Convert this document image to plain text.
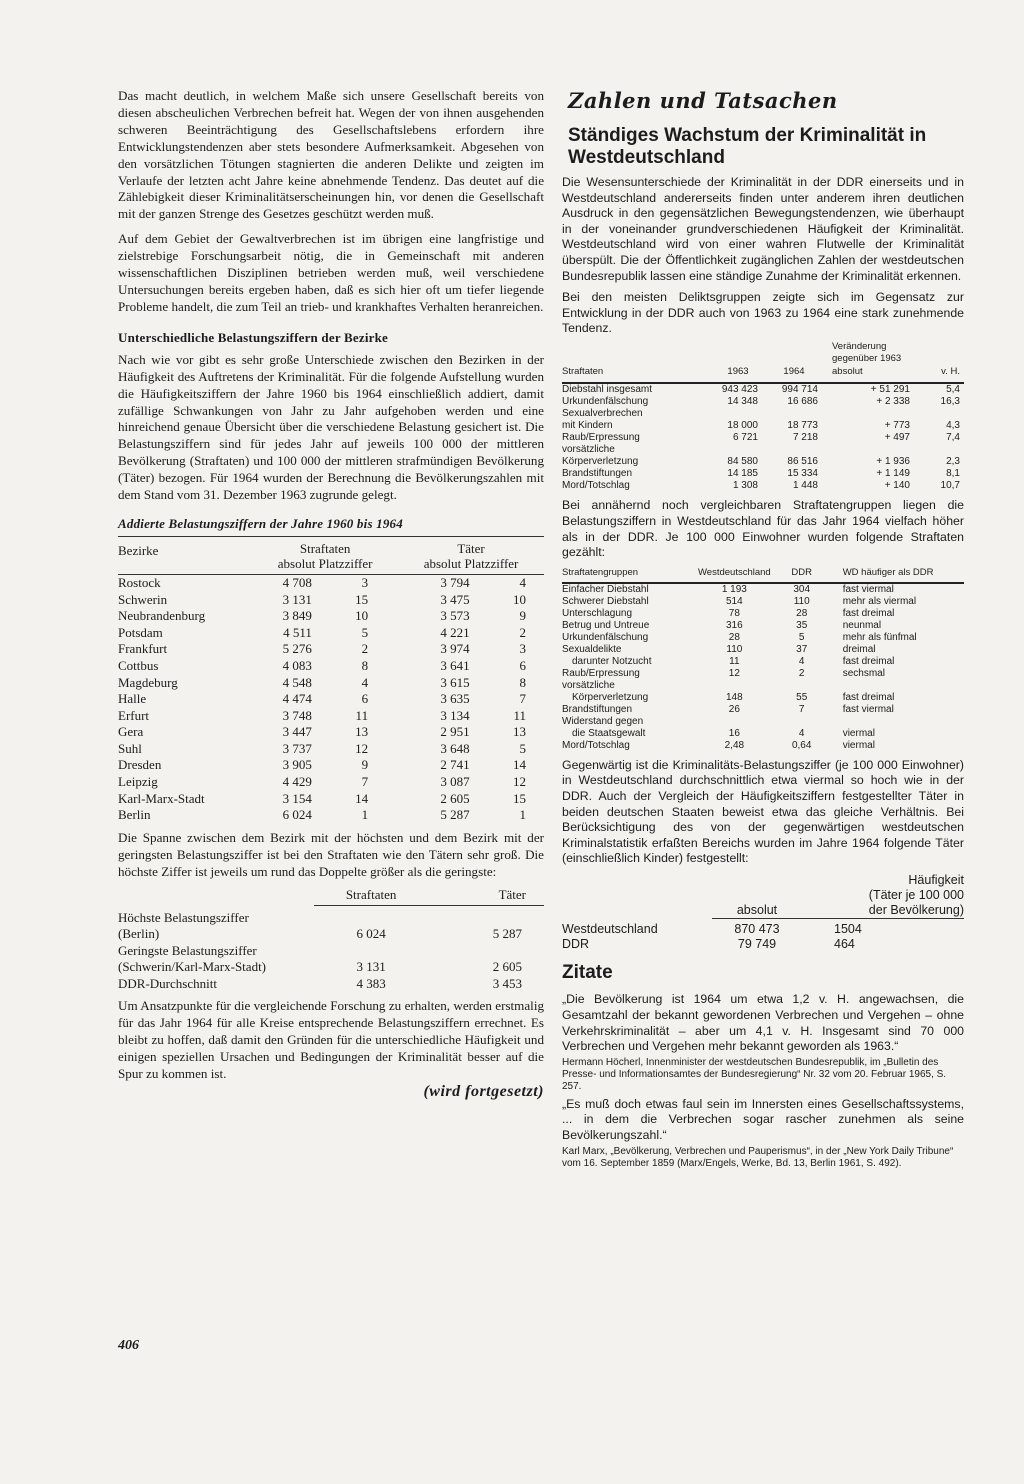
Das macht deutlich, in welchem Maße sich unsere Gesellschaft bereits von diesen abscheulichen Verbrechen befreit hat. Wegen der von ihnen ausgehenden schweren Beeinträchtigung des Gesellschaftslebens erfordern ihre Entwicklungstendenzen aber stets besondere Aufmerksamkeit. Abgesehen von den vorsätzlichen Tötungen stagnierten die anderen Delikte und zeigten im Verlaufe der letzten acht Jahre keine abnehmende Tendenz. Das deutet auf die Zählebigkeit dieser Kriminalitätserscheinungen hin, vor denen die Gesellschaft mit der ganzen Strenge des Gesetzes geschützt werden muß.

Auf dem Gebiet der Gewaltverbrechen ist im übrigen eine langfristige und zielstrebige Forschungsarbeit nötig, die in Gemeinschaft mit anderen wissenschaftlichen Disziplinen betrieben werden muß, weil verschiedene Untersuchungen bereits ergeben haben, daß es sich hier oft um tiefer liegende Probleme handelt, die zum Teil an trieb- und krankhaftes Verhalten heranreichen.

Unterschiedliche Belastungsziffern der Bezirke

Nach wie vor gibt es sehr große Unterschiede zwischen den Bezirken in der Häufigkeit des Auftretens der Kriminalität. Für die folgende Aufstellung wurden die Häufigkeitsziffern der Jahre 1960 bis 1964 einschließlich addiert, damit zufällige Schwankungen von Jahr zu Jahr aufgehoben werden und eine hinreichend genaue Übersicht über die verschiedene Belastung gesichert ist. Die Belastungsziffern sind für jedes Jahr auf jeweils 100 000 der mittleren Bevölkerung (Straftaten) und 100 000 der mittleren strafmündigen Bevölkerung (Täter) bezogen. Für 1964 wurden der Berechnung die Bevölkerungszahlen mit dem Stand vom 31. Dezember 1963 zugrunde gelegt.

Addierte Belastungsziffern der Jahre 1960 bis 1964
Bezirke	Straftaten		Täter	
	absolut Platzziffer		absolut Platzziffer	
Rostock	4 708	3	3 794	4
Schwerin	3 131	15	3 475	10
Neubrandenburg	3 849	10	3 573	9
Potsdam	4 511	5	4 221	2
Frankfurt	5 276	2	3 974	3
Cottbus	4 083	8	3 641	6
Magdeburg	4 548	4	3 615	8
Halle	4 474	6	3 635	7
Erfurt	3 748	11	3 134	11
Gera	3 447	13	2 951	13
Suhl	3 737	12	3 648	5
Dresden	3 905	9	2 741	14
Leipzig	4 429	7	3 087	12
Karl-Marx-Stadt	3 154	14	2 605	15
Berlin	6 024	1	5 287	1

Die Spanne zwischen dem Bezirk mit der höchsten und dem Bezirk mit der geringsten Belastungsziffer ist bei den Straftaten wie den Tätern sehr groß. Die höchste Ziffer ist jeweils um rund das Doppelte größer als die geringste:

	Straftaten	Täter
Höchste Belastungsziffer		
(Berlin)	6 024	5 287
Geringste Belastungsziffer		
(Schwerin/Karl-Marx-Stadt)	3 131	2 605
DDR-Durchschnitt	4 383	3 453

Um Ansatzpunkte für die vergleichende Forschung zu erhalten, werden erstmalig für das Jahr 1964 für alle Kreise entsprechende Belastungsziffern errechnet. Es bleibt zu hoffen, daß damit den Gründen für die unterschiedliche Häufigkeit und einigen speziellen Ursachen und Bedingungen der Kriminalität besser auf die Spur zu kommen ist.

(wird fortgesetzt)
406
Zahlen und Tatsachen
Ständiges Wachstum der Kriminalität in Westdeutschland

Die Wesensunterschiede der Kriminalität in der DDR einerseits und in Westdeutschland andererseits finden unter anderem ihren deutlichen Ausdruck in den gegensätzlichen Bewegungstendenzen, wie überhaupt in der voneinander grundverschiedenen Häufigkeit der Kriminalität. Westdeutschland wird von einer wahren Flutwelle der Kriminalität überspült. Die der Öffentlichkeit zugänglichen Zahlen der westdeutschen Bundesrepublik lassen eine ständige Zunahme der Kriminalität erkennen.

Bei den meisten Deliktsgruppen zeigte sich im Gegensatz zur Entwicklung in der DDR auch von 1963 zu 1964 eine stark zunehmende Tendenz.

Straftaten	1963	1964	Veränderung gegenüber 1963 absolut	v. H.
Diebstahl insgesamt	943 423	994 714	+ 51 291	5,4
Urkundenfälschung	14 348	16 686	+ 2 338	16,3
Sexualverbrechen				
mit Kindern	18 000	18 773	+ 773	4,3
Raub/Erpressung	6 721	7 218	+ 497	7,4
vorsätzliche				
Körperverletzung	84 580	86 516	+ 1 936	2,3
Brandstiftungen	14 185	15 334	+ 1 149	8,1
Mord/Totschlag	1 308	1 448	+ 140	10,7

Bei annähernd noch vergleichbaren Straftatengruppen liegen die Belastungsziffern in Westdeutschland für das Jahr 1964 vielfach höher als in der DDR. Je 100 000 Einwohner wurden folgende Straftaten gezählt:

Straftatengruppen	Westdeutschland	DDR	WD häufiger als DDR
Einfacher Diebstahl	1 193	304	fast viermal
Schwerer Diebstahl	514	110	mehr als viermal
Unterschlagung	78	28	fast dreimal
Betrug und Untreue	316	35	neunmal
Urkundenfälschung	28	5	mehr als fünfmal
Sexualdelikte	110	37	dreimal
darunter Notzucht	11	4	fast dreimal
Raub/Erpressung	12	2	sechsmal
vorsätzliche			
Körperverletzung	148	55	fast dreimal
Brandstiftungen	26	7	fast viermal
Widerstand gegen			
die Staatsgewalt	16	4	viermal
Mord/Totschlag	2,48	0,64	viermal

Gegenwärtig ist die Kriminalitäts-Belastungsziffer (je 100 000 Einwohner) in Westdeutschland durchschnittlich etwa viermal so hoch wie in der DDR. Auch der Vergleich der Häufigkeitsziffern festgestellter Täter in beiden deutschen Staaten beweist etwa das gleiche Verhältnis. Bei Berücksichtigung des von der gegenwärtigen westdeutschen Kriminalstatistik erfaßten Bereichs wurden im Jahre 1964 folgende Täter (einschließlich Kinder) festgestellt:

	absolut	Häufigkeit
(Täter je 100 000
der Bevölkerung)
Westdeutschland	870 473	1504
DDR	79 749	464
Zitate

„Die Bevölkerung ist 1964 um etwa 1,2 v. H. angewachsen, die Gesamtzahl der bekannt gewordenen Verbrechen und Vergehen – ohne Verkehrskriminalität – aber um 4,1 v. H. Insgesamt sind 70 000 Verbrechen und Vergehen mehr bekannt geworden als 1963.“

Hermann Höcherl, Innenminister der westdeutschen Bundesrepublik, im „Bulletin des Presse- und Informationsamtes der Bundesregierung“ Nr. 32 vom 20. Februar 1965, S. 257.

„Es muß doch etwas faul sein im Innersten eines Gesellschaftssystems, ... in dem die Verbrechen sogar rascher zunehmen als seine Bevölkerungszahl.“

Karl Marx, „Bevölkerung, Verbrechen und Pauperismus“, in der „New York Daily Tribune“ vom 16. September 1859 (Marx/Engels, Werke, Bd. 13, Berlin 1961, S. 492).
